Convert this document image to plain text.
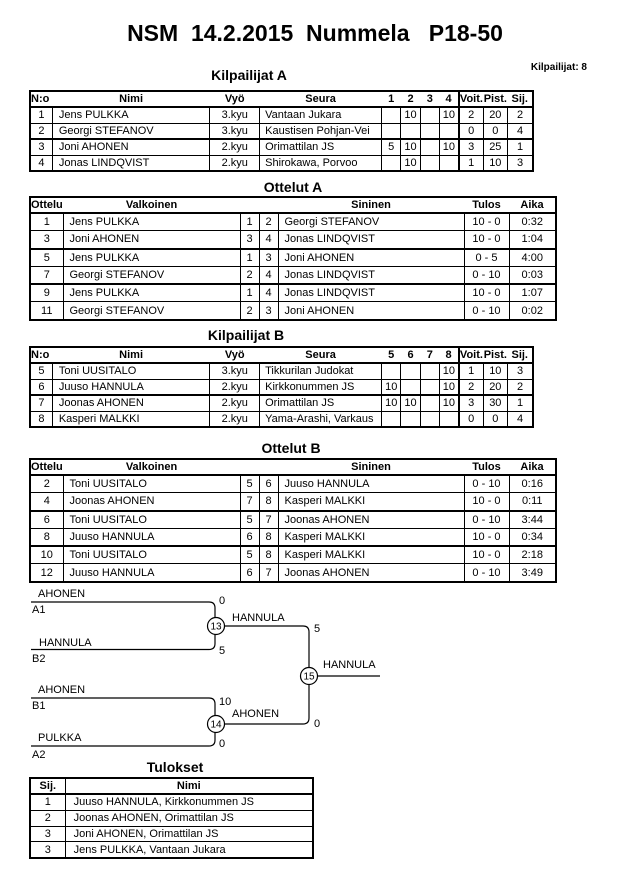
NSM  14.2.2015  Nummela   P18-50
Kilpailijat: 8
Kilpailijat A
N:o	Nimi	Vyö	Seura	1	2	3	4	Voit.	Pist.	Sij.
1	Jens PULKKA	3.kyu	Vantaan Jukara		10		10	2	20	2
2	Georgi STEFANOV	3.kyu	Kaustisen Pohjan-Vei					0	0	4
3	Joni AHONEN	2.kyu	Orimattilan JS	5	10		10	3	25	1
4	Jonas LINDQVIST	2.kyu	Shirokawa, Porvoo		10			1	10	3
Ottelut A
Ottelu	Valkoinen			Sininen	Tulos	Aika
1	Jens PULKKA	1	2	Georgi STEFANOV	10 - 0	0:32
3	Joni AHONEN	3	4	Jonas LINDQVIST	10 - 0	1:04
5	Jens PULKKA	1	3	Joni AHONEN	0 - 5	4:00
7	Georgi STEFANOV	2	4	Jonas LINDQVIST	0 - 10	0:03
9	Jens PULKKA	1	4	Jonas LINDQVIST	10 - 0	1:07
11	Georgi STEFANOV	2	3	Joni AHONEN	0 - 10	0:02
Kilpailijat B
N:o	Nimi	Vyö	Seura	5	6	7	8	Voit.	Pist.	Sij.
5	Toni UUSITALO	3.kyu	Tikkurilan Judokat				10	1	10	3
6	Juuso HANNULA	2.kyu	Kirkkonummen JS	10			10	2	20	2
7	Joonas AHONEN	2.kyu	Orimattilan JS	10	10		10	3	30	1
8	Kasperi MALKKI	2.kyu	Yama-Arashi, Varkaus					0	0	4
Ottelut B
Ottelu	Valkoinen			Sininen	Tulos	Aika
2	Toni UUSITALO	5	6	Juuso HANNULA	0 - 10	0:16
4	Joonas AHONEN	7	8	Kasperi MALKKI	10 - 0	0:11
6	Toni UUSITALO	5	7	Joonas AHONEN	0 - 10	3:44
8	Juuso HANNULA	6	8	Kasperi MALKKI	10 - 0	0:34
10	Toni UUSITALO	5	8	Kasperi MALKKI	10 - 0	2:18
12	Juuso HANNULA	6	7	Joonas AHONEN	0 - 10	3:49
AHONEN
A1
0
HANNULA
B2
5
13
HANNULA
5
AHONEN
B1	10
PULKKA
A2
0
14
AHONEN
0
15
HANNULA
Tulokset
Sij.	Nimi
1	Juuso HANNULA, Kirkkonummen JS
2	Joonas AHONEN, Orimattilan JS
3	Joni AHONEN, Orimattilan JS
3	Jens PULKKA, Vantaan Jukara
